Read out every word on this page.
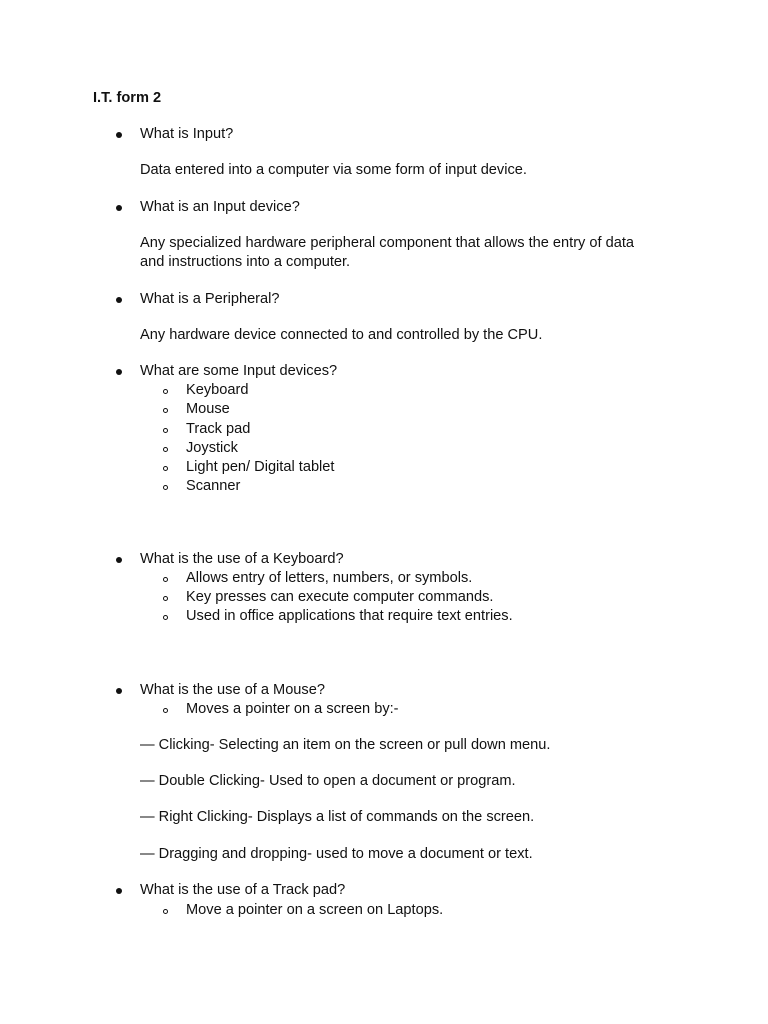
I.T. form 2
What is Input?
Data entered into a computer via some form of input device.
What is an Input device?
Any specialized hardware peripheral component that allows the entry of data
and instructions into a computer.
What is a Peripheral?
Any hardware device connected to and controlled by the CPU.
What are some Input devices?
Keyboard
Mouse
Track pad
Joystick
Light pen/ Digital tablet
Scanner
What is the use of a Keyboard?
Allows entry of letters, numbers, or symbols.
Key presses can execute computer commands.
Used in office applications that require text entries.
What is the use of a Mouse?
Moves a pointer on a screen by:-
— Clicking- Selecting an item on the screen or pull down menu.
— Double Clicking- Used to open a document or program.
— Right Clicking- Displays a list of commands on the screen.
— Dragging and dropping- used to move a document or text.
What is the use of a Track pad?
Move a pointer on a screen on Laptops.
